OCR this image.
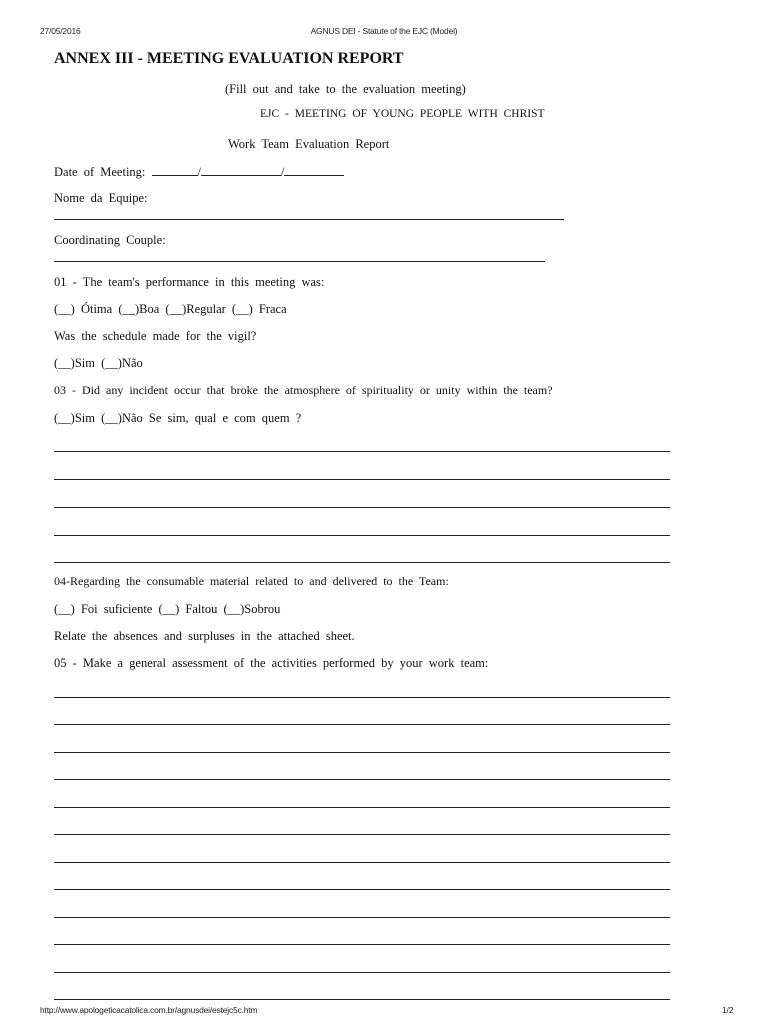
27/05/2016	AGNUS DEI - Statute of the EJC (Model)
ANNEX III - MEETING EVALUATION REPORT
(Fill out and take to the evaluation meeting)
EJC - MEETING OF YOUNG PEOPLE WITH CHRIST
Work Team Evaluation Report
Date of Meeting:	/	/
Nome da Equipe:
Coordinating Couple:
01 - The team's performance in this meeting was:
(__) Ótima (__)Boa (__)Regular (__) Fraca
Was the schedule made for the vigil?
(__)Sim (__)Não
03 - Did any incident occur that broke the atmosphere of spirituality or unity within the team?
(__)Sim (__)Não Se sim, qual e com quem ?
04-Regarding the consumable material related to and delivered to the Team:
(__) Foi suficiente (__) Faltou (__)Sobrou
Relate the absences and surpluses in the attached sheet.
05 - Make a general assessment of the activities performed by your work team:
http://www.apologeticacatolica.com.br/agnusdei/estejc5c.htm	1/2
